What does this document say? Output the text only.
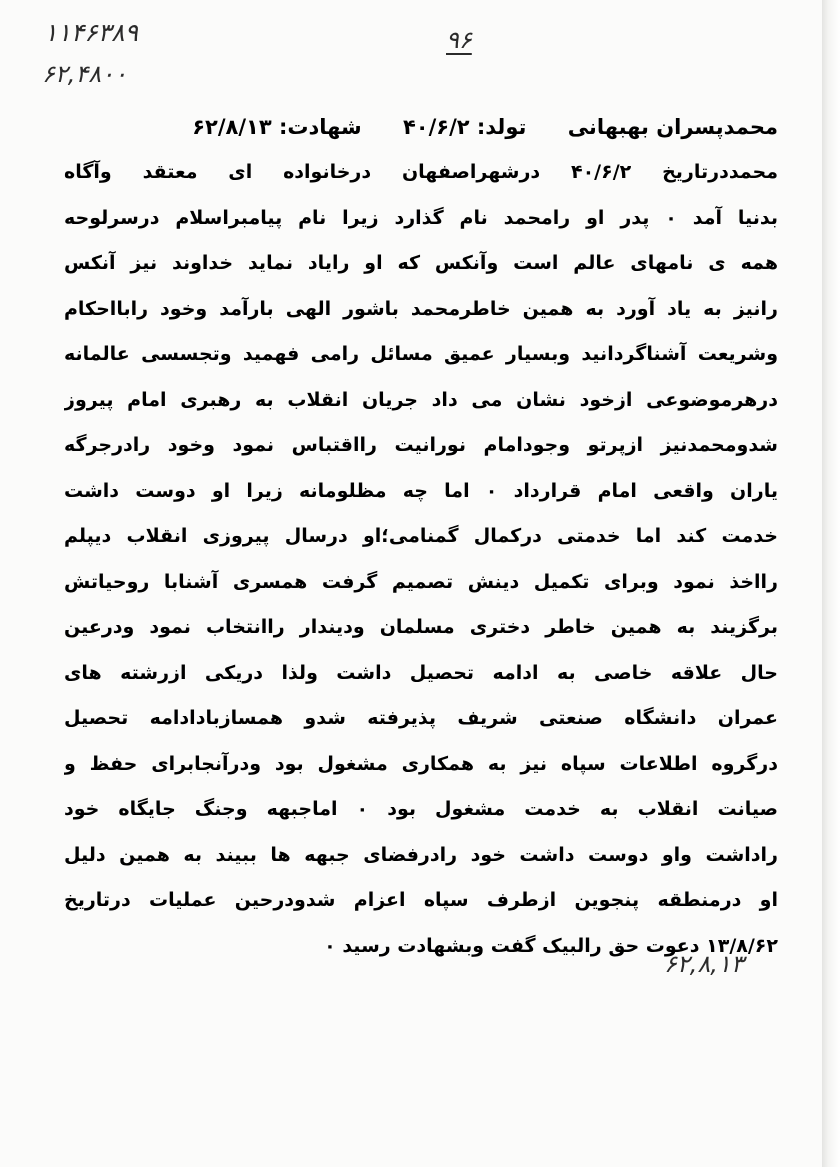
۱۱۴۶۳۸۹
۶۲,۴۸۰۰
۹۶
محمدپسران بهبهانی تولد: ۴۰/۶/۲ شهادت: ۶۲/۸/۱۳
محمددرتاریخ ۴۰/۶/۲ درشهراصفهان درخانواده ای معتقد وآگاه
بدنیا آمد ۰ پدر او رامحمد نام گذارد زیرا نام پیامبراسلام درسرلوحه
همه ی نامهای عالم است وآنکس که او رایاد نماید خداوند نیز آنکس
رانیز به یاد آورد به همین خاطرمحمد باشور الهی بارآمد وخود راباﺍحکام
وشریعت آشناگردانید وبسیار عمیق مسائل رامی فهمید وتجسسی عالمانه
درهرموضوعی ازخود نشان می داد جریان انقلاب به رهبری امام پیروز
شدومحمدنیز ازپرتو وجودامام نورانیت رااقتباس نمود وخود رادرجرگه
یاران واقعی امام قرارداد ۰ اما چه مظلومانه زیرا او دوست داشت
خدمت کند اما خدمتی درکمال گمنامی؛او درسال پیروزی انقلاب دیپلم
رااخذ نمود وبرای تکمیل دینش تصمیم گرفت همسری آشنابا روحیاتش
برگزیند به همین خاطر دختری مسلمان ودیندار راانتخاب نمود ودرعین
حال علاقه خاصی به ادامه تحصیل داشت ولذا دریکی ازرشته های
عمران دانشگاه صنعتی شریف پذیرفته شدو همسازبادادامه تحصیل
درگروه اطلاعات سپاه نیز به همکاری مشغول بود ودرآنجابرای حفظ و
صیانت انقلاب به خدمت مشغول بود ۰ اماجبهه وجنگ جایگاه خود
راداشت واو دوست داشت خود رادرفضای جبهه ها ببیند به همین دلیل
او درمنطقه پنجوین ازطرف سپاه اعزام شدودرحین عملیات درتاریخ
۱۳/۸/۶۲ دعوت حق رالبیک گفت وبشهادت رسید ۰
۶۲,۸,۱۳
